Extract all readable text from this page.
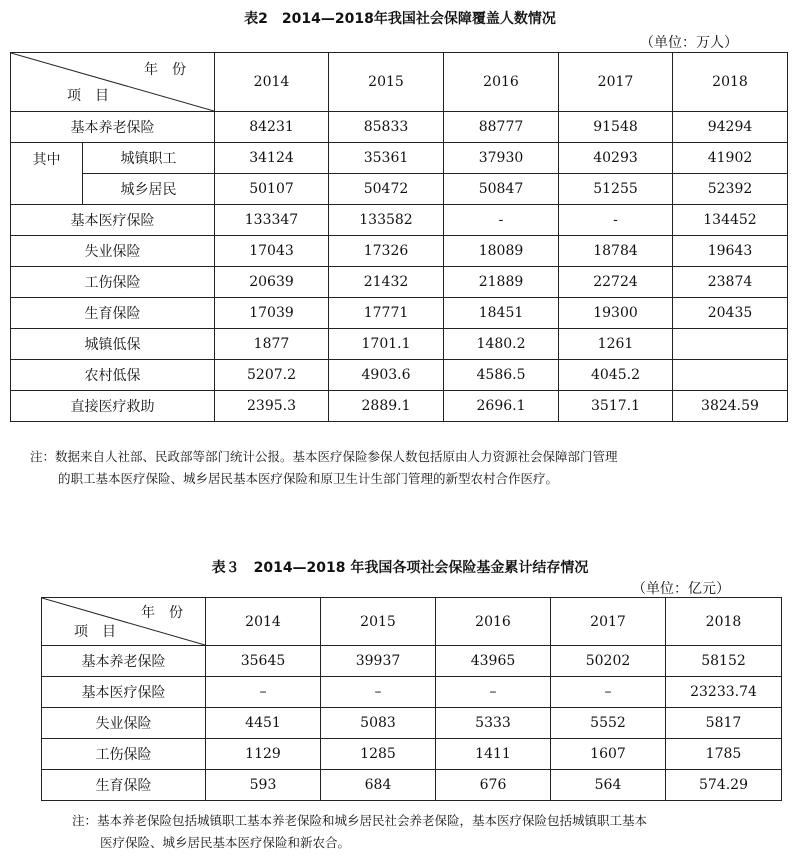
表2　2014—2018年我国社会保障覆盖人数情况
（单位：万人）
年　份
项　目		2014	2015	2016	2017	2018
基本养老保险		84231	85833	88777	91548	94294
其中	城镇职工	34124	35361	37930	40293	41902
	城乡居民	50107	50472	50847	51255	52392
基本医疗保险		133347	133582	-	-	134452
失业保险		17043	17326	18089	18784	19643
工伤保险		20639	21432	21889	22724	23874
生育保险		17039	17771	18451	19300	20435
城镇低保		1877	1701.1	1480.2	1261	
农村低保		5207.2	4903.6	4586.5	4045.2	
直接医疗救助		2395.3	2889.1	2696.1	3517.1	3824.59
注：数据来自人社部、民政部等部门统计公报。基本医疗保险参保人数包括原由人力资源社会保障部门管理
的职工基本医疗保险、城乡居民基本医疗保险和原卫生计生部门管理的新型农村合作医疗。
表３　2014—2018 年我国各项社会保险基金累计结存情况
（单位：亿元）
年　份
项　目	2014	2015	2016	2017	2018
基本养老保险	35645	39937	43965	50202	58152
基本医疗保险	–	–	–	–	23233.74
失业保险	4451	5083	5333	5552	5817
工伤保险	1129	1285	1411	1607	1785
生育保险	593	684	676	564	574.29
注：基本养老保险包括城镇职工基本养老保险和城乡居民社会养老保险，基本医疗保险包括城镇职工基本
医疗保险、城乡居民基本医疗保险和新农合。
